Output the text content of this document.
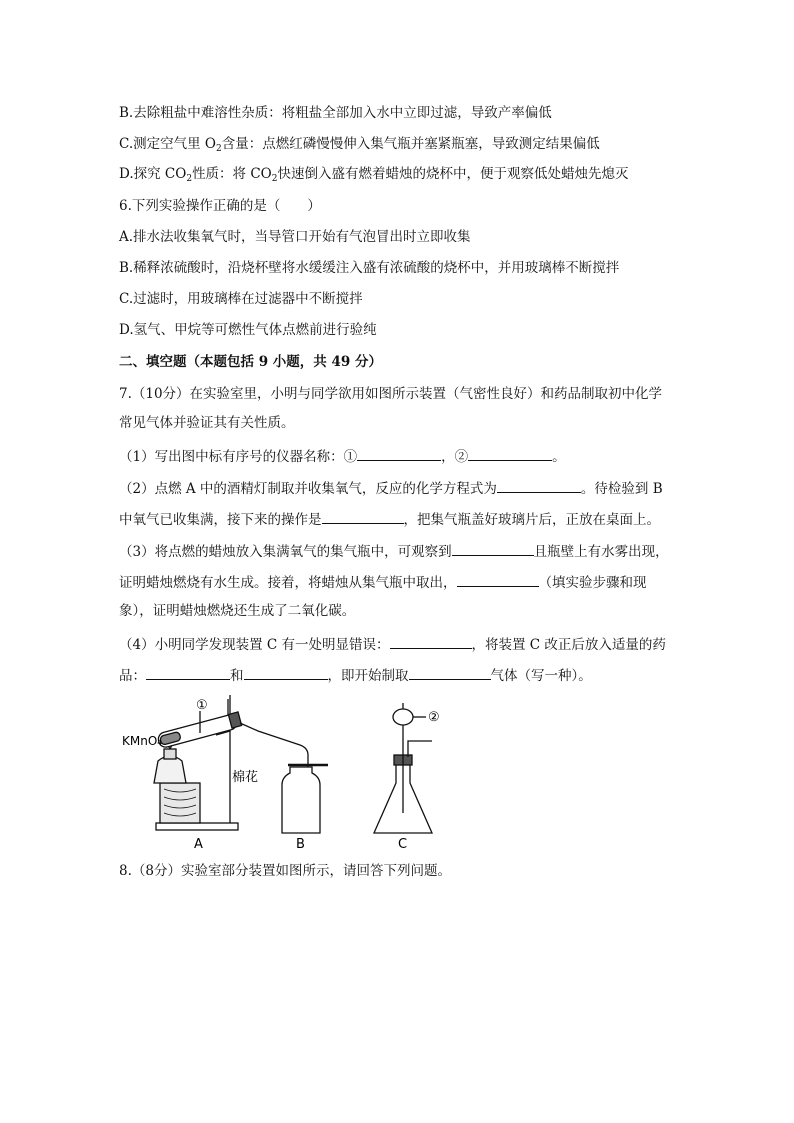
B.去除粗盐中难溶性杂质：将粗盐全部加入水中立即过滤，导致产率偏低
C.测定空气里 $O_2$含量：点燃红磷慢慢伸入集气瓶并塞紧瓶塞，导致测定结果偏低
D.探究 $CO_2$性质：将 $CO_2$快速倒入盛有燃着蜡烛的烧杯中，便于观察低处蜡烛先熄灭
6.下列实验操作正确的是（　　）
A.排水法收集氧气时，当导管口开始有气泡冒出时立即收集
B.稀释浓硫酸时，沿烧杯壁将水缓缓注入盛有浓硫酸的烧杯中，并用玻璃棒不断搅拌
C.过滤时，用玻璃棒在过滤器中不断搅拌
D.氢气、甲烷等可燃性气体点燃前进行验纯
二、填空题（本题包括 9 小题，共 49 分）
7.（10分）在实验室里，小明与同学欲用如图所示装置（气密性良好）和药品制取初中化学
常见气体并验证其有关性质。
（1）写出图中标有序号的仪器名称：①	，②	。
（2）点燃 A 中的酒精灯制取并收集氧气，反应的化学方程式为	。待检验到 B
中氧气已收集满，接下来的操作是	，把集气瓶盖好玻璃片后，正放在桌面上。
（3）将点燃的蜡烛放入集满氧气的集气瓶中，可观察到	且瓶壁上有水雾出现，
证明蜡烛燃烧有水生成。接着，将蜡烛从集气瓶中取出，	（填实验步骤和现
象），证明蜡烛燃烧还生成了二氧化碳。
（4）小明同学发现装置 C 有一处明显错误：	，将装置 C 改正后放入适量的药
品：	和	，即开始制取	气体（写一种）。
KMnO₄
棉花
①
②
A	B	C
8.（8分）实验室部分装置如图所示，请回答下列问题。
